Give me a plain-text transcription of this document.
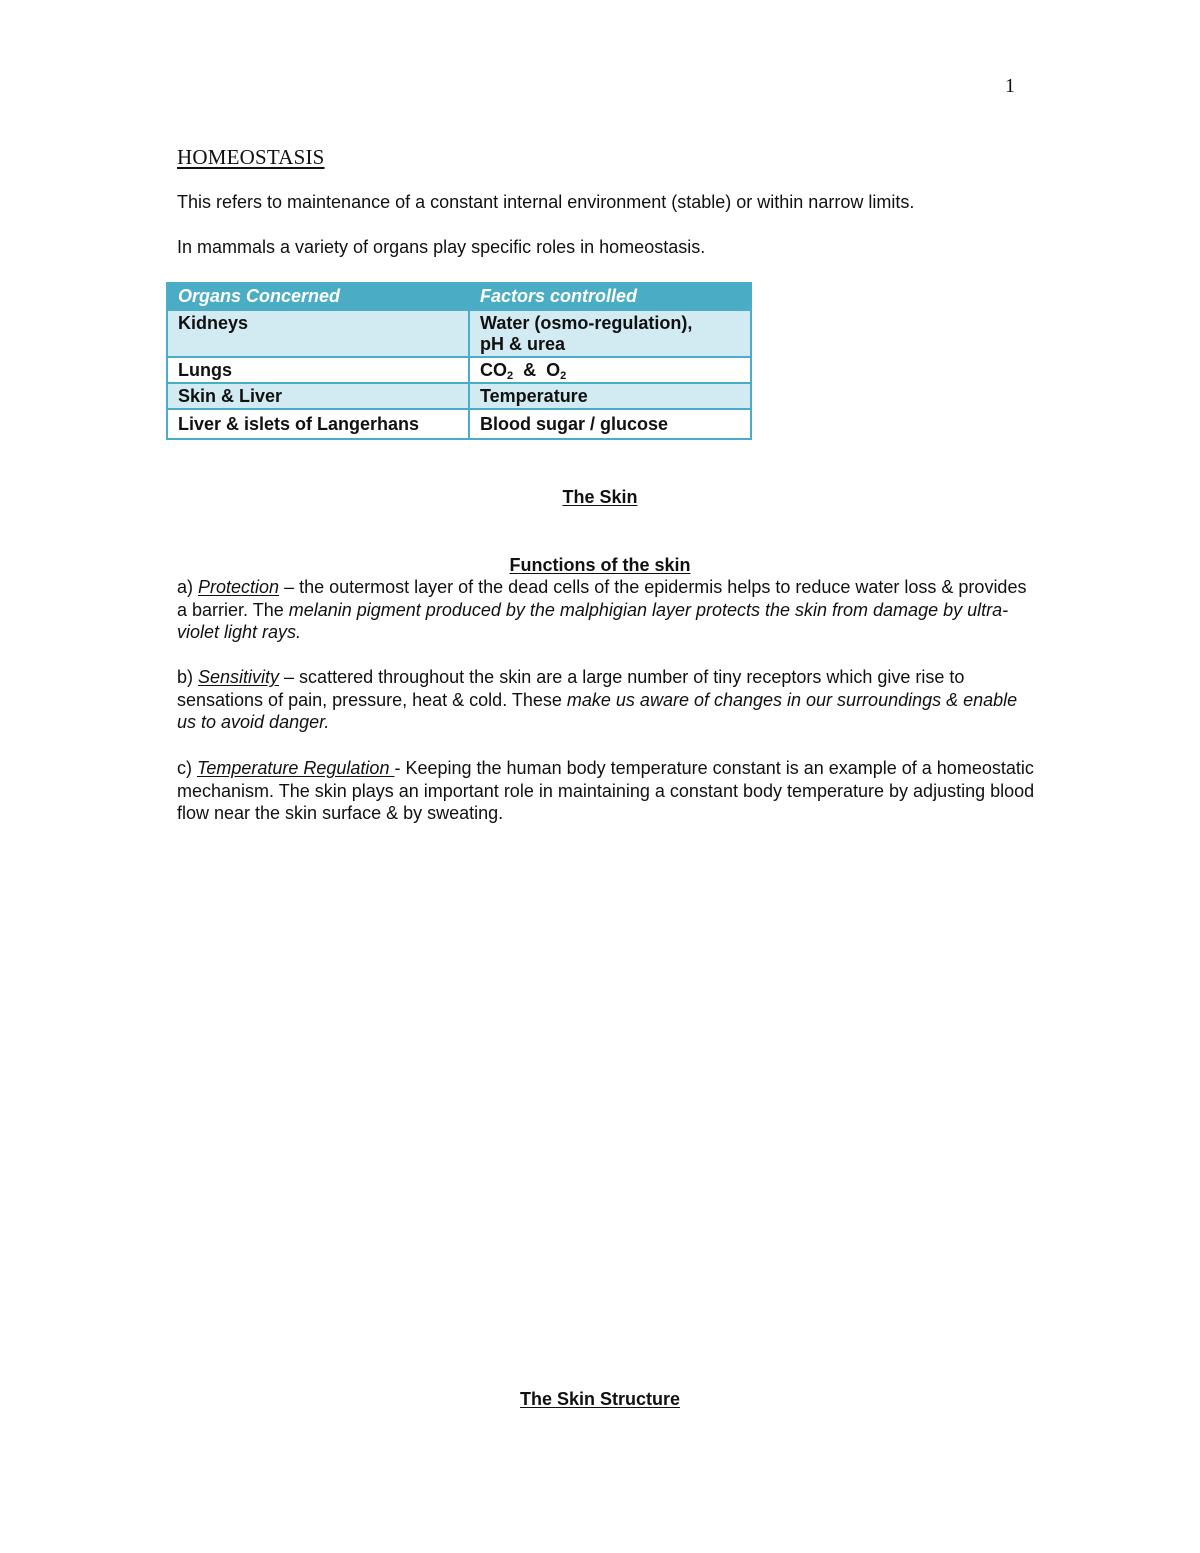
1
HOMEOSTASIS

This refers to maintenance of a constant internal environment (stable) or within narrow limits.

In mammals a variety of organs play specific roles in homeostasis.

Organs Concerned	Factors controlled
Kidneys	Water (osmo-regulation),
pH & urea
Lungs	$CO_2$  &  $O_2$
Skin & Liver	Temperature
Liver & islets of Langerhans	Blood sugar / glucose
The Skin
Functions of the skin

a) Protection – the outermost layer of the dead cells of the epidermis helps to reduce water loss & provides a barrier. The melanin pigment produced by the malphigian layer protects the skin from damage by ultra-violet light rays.

b) Sensitivity – scattered throughout the skin are a large number of tiny receptors which give rise to sensations of pain, pressure, heat & cold. These make us aware of changes in our surroundings & enable us to avoid danger.

c) Temperature Regulation - Keeping the human body temperature constant is an example of a homeostatic mechanism. The skin plays an important role in maintaining a constant body temperature by adjusting blood flow near the skin surface & by sweating.

The Skin Structure
